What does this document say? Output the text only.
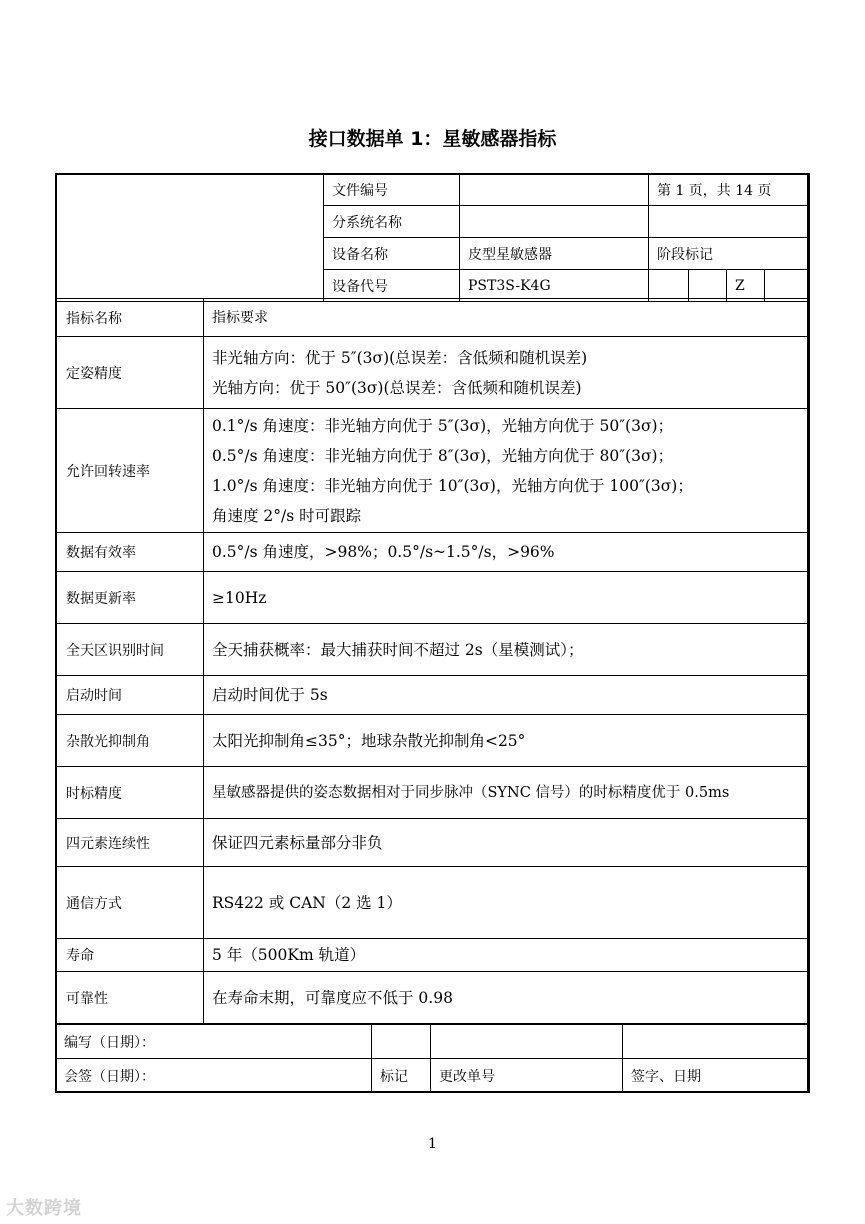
接口数据单 1：星敏感器指标
	文件编号		第 1 页，共 14 页			
	分系统名称					
	设备名称	皮型星敏感器	阶段标记			
	设备代号	PST3S-K4G			Z	
指标名称	指标要求
定姿精度	非光轴方向：优于 5″(3σ)(总误差：含低频和随机误差)
光轴方向：优于 50″(3σ)(总误差：含低频和随机误差)

允许回转速率	0.1°/s 角速度：非光轴方向优于 5″(3σ)，光轴方向优于 50″(3σ)；
0.5°/s 角速度：非光轴方向优于 8″(3σ)，光轴方向优于 80″(3σ)；
1.0°/s 角速度：非光轴方向优于 10″(3σ)，光轴方向优于 100″(3σ)；
角速度 2°/s 时可跟踪

数据有效率	0.5°/s 角速度，>98%；0.5°/s~1.5°/s，>96%
数据更新率	≥10Hz
全天区识别时间	全天捕获概率：最大捕获时间不超过 2s（星模测试）；
启动时间	启动时间优于 5s
杂散光抑制角	太阳光抑制角≤35°；地球杂散光抑制角<25°
时标精度	星敏感器提供的姿态数据相对于同步脉冲（SYNC 信号）的时标精度优于 0.5ms
四元素连续性	保证四元素标量部分非负
通信方式	RS422 或 CAN（2 选 1）
寿命	5 年（500Km 轨道）
可靠性	在寿命末期，可靠度应不低于 0.98
编写（日期）：			
会签（日期）：	标记	更改单号	签字、日期
1
大数跨境
